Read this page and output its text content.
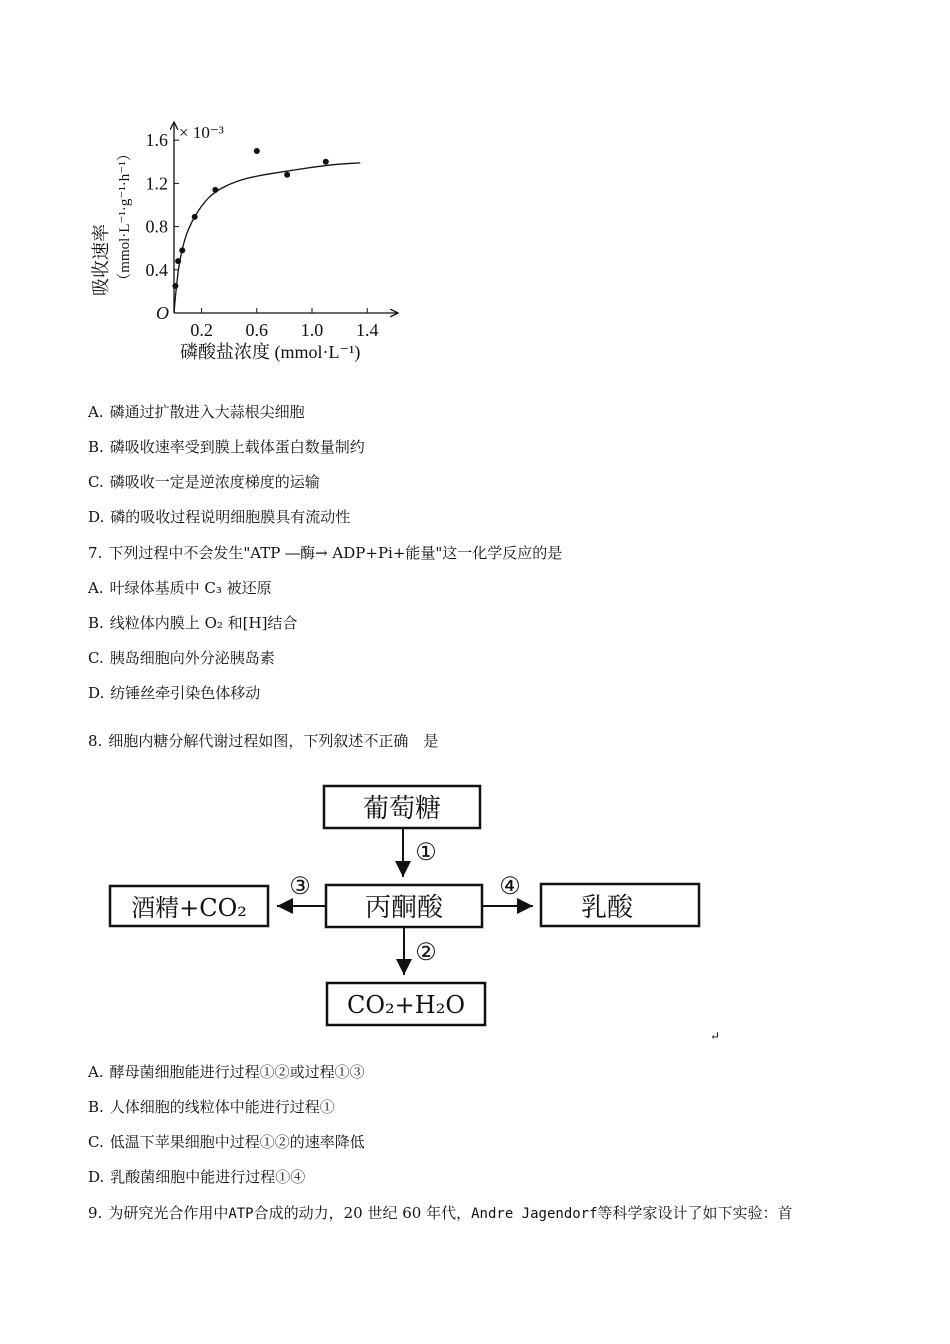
× 10⁻³
O
0.4
0.8
1.2
1.6
0.2 0.6 1.0 1.4
吸收速率 （mmol·L⁻¹·g⁻¹·h⁻¹）
磷酸盐浓度 (mmol·L⁻¹)
A. 磷通过扩散进入大蒜根尖细胞
B. 磷吸收速率受到膜上载体蛋白数量制约
C. 磷吸收一定是逆浓度梯度的运输
D. 磷的吸收过程说明细胞膜具有流动性
7. 下列过程中不会发生"ATP ―酶→ ADP+Pi+能量"这一化学反应的是
A. 叶绿体基质中 C₃ 被还原
B. 线粒体内膜上 O₂ 和[H]结合
C. 胰岛细胞向外分泌胰岛素
D. 纺锤丝牵引染色体移动
8. 细胞内糖分解代谢过程如图，下列叙述不正确　是
葡萄糖
丙酮酸
酒精+CO₂	乳酸
CO₂+H₂O
①
②
③	④
↵
A. 酵母菌细胞能进行过程①②或过程①③
B. 人体细胞的线粒体中能进行过程①
C. 低温下苹果细胞中过程①②的速率降低
D. 乳酸菌细胞中能进行过程①④
9. 为研究光合作用中ATP合成的动力，20 世纪 60 年代，Andre Jagendorf等科学家设计了如下实验：首
